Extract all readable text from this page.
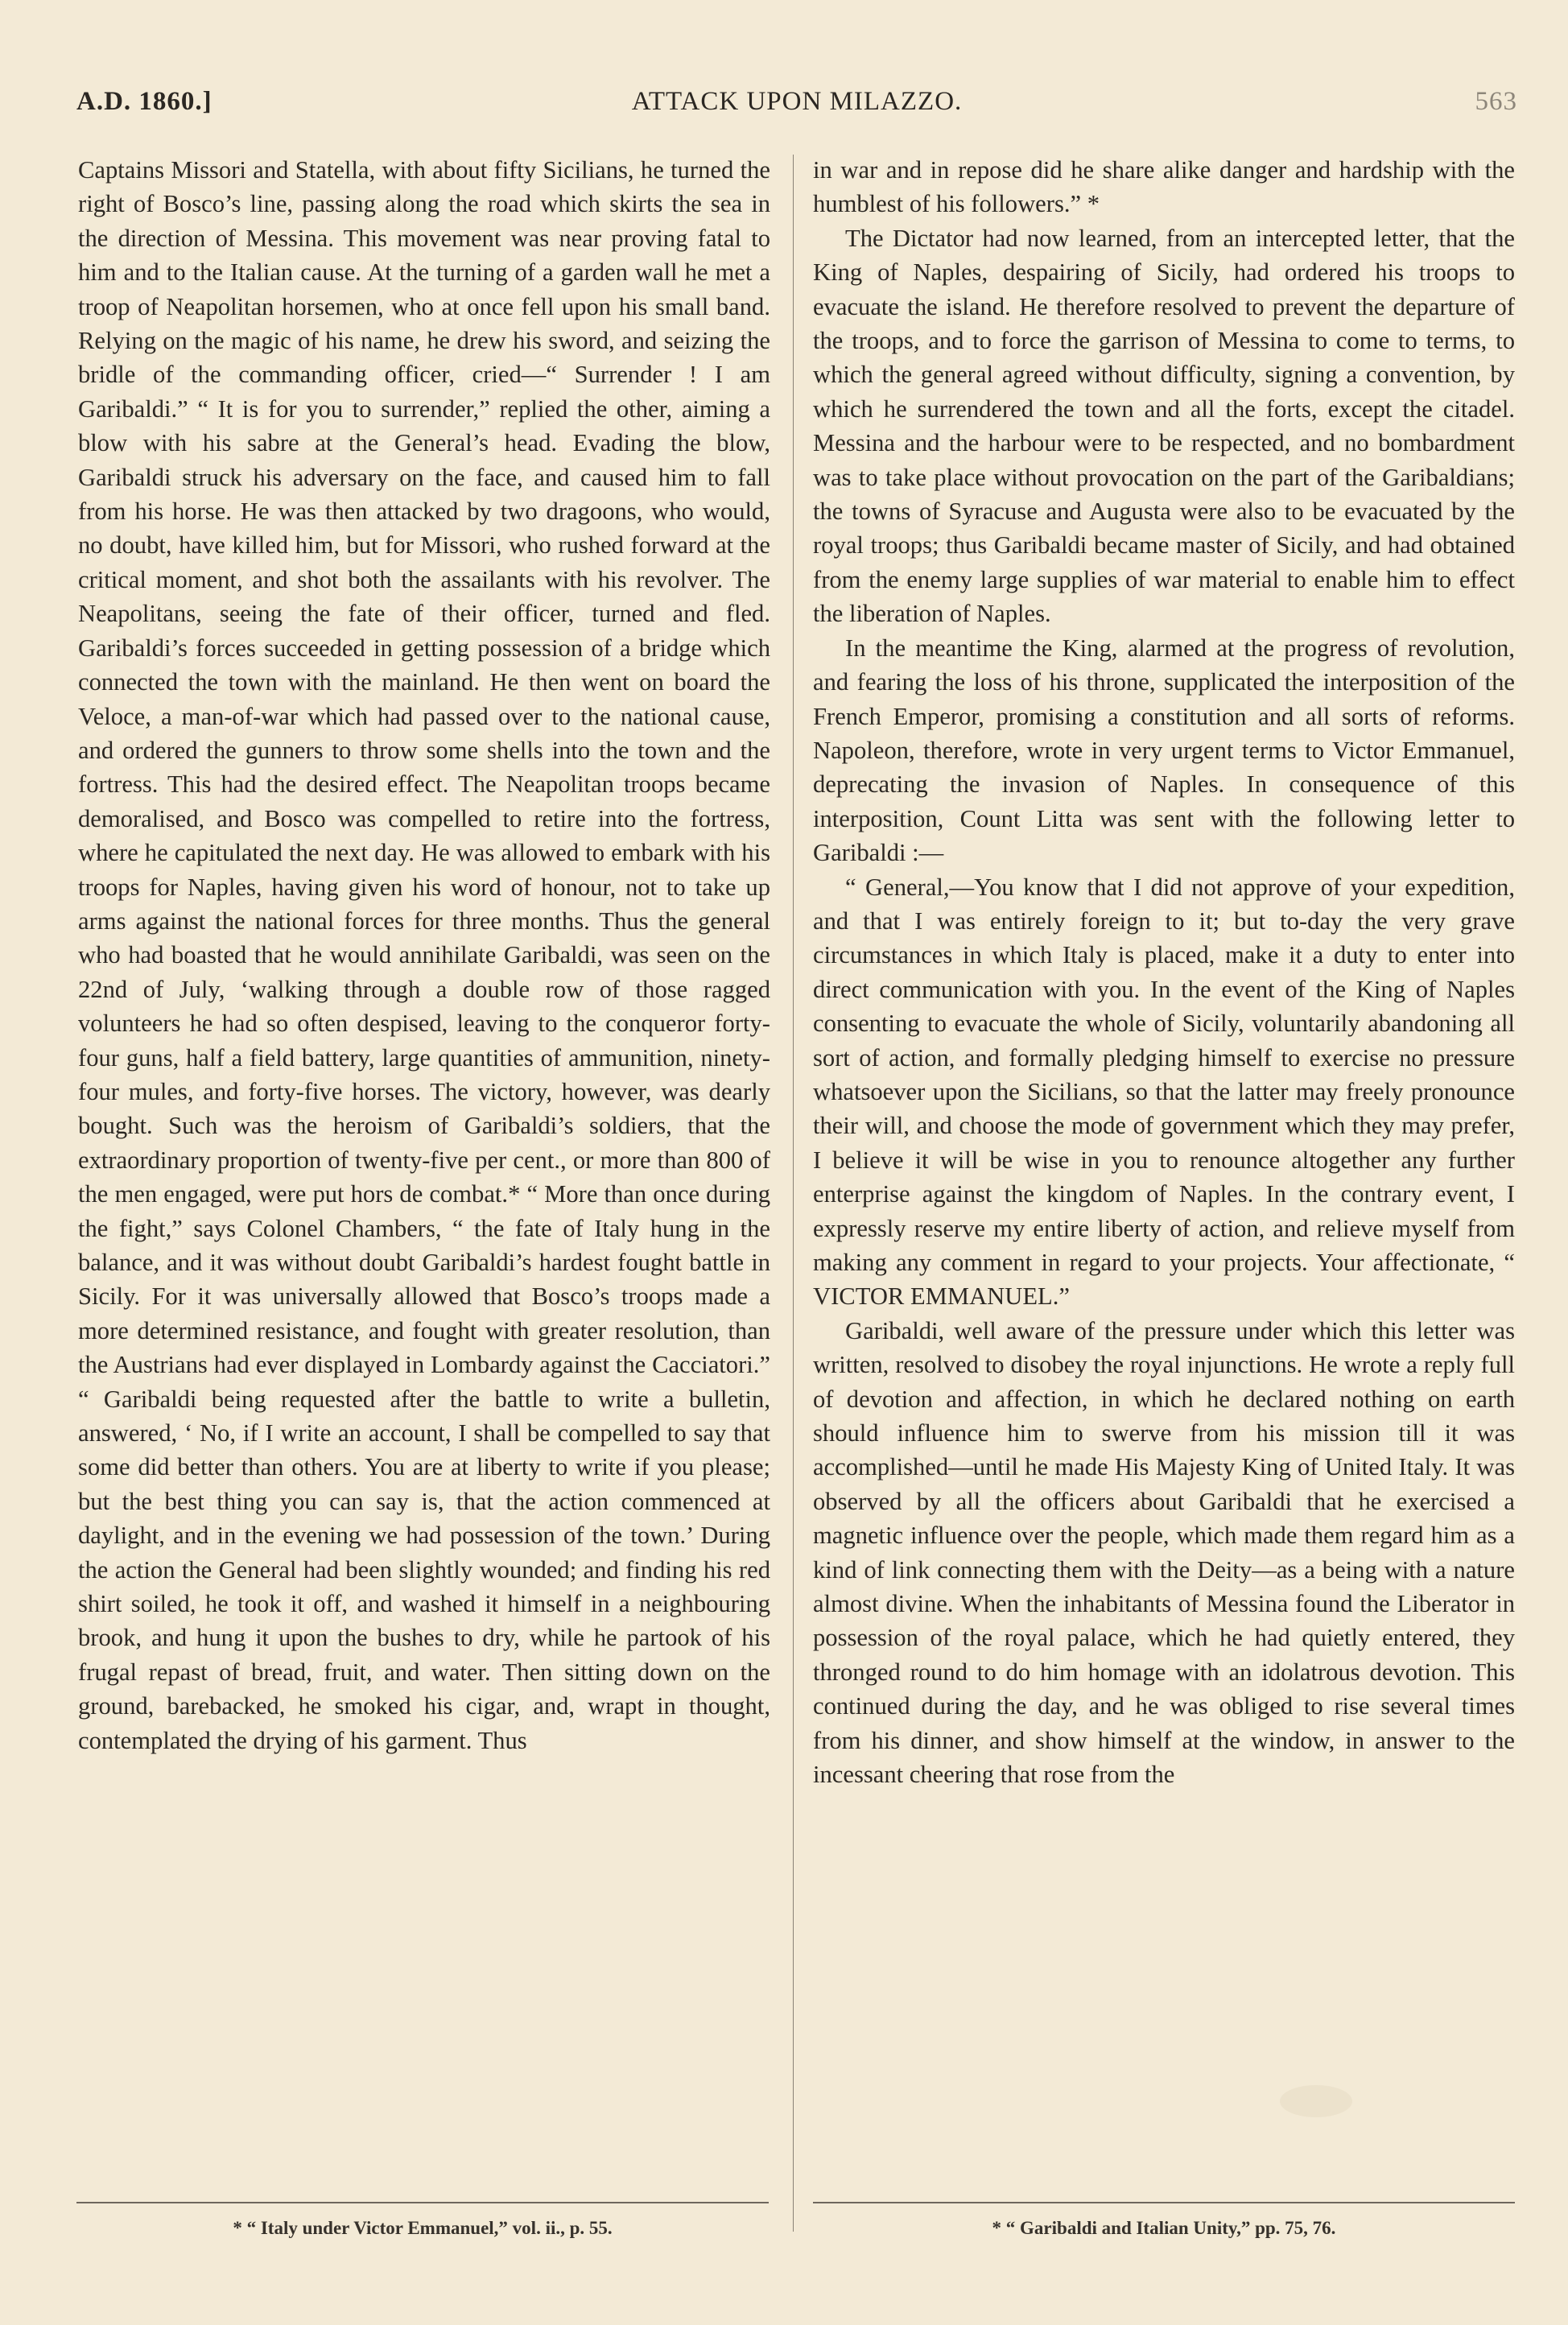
A.D. 1860.]	ATTACK UPON MILAZZO.	563

Captains Missori and Statella, with about fifty Sicilians, he turned the right of Bosco’s line, passing along the road which skirts the sea in the direction of Messina. This movement was near proving fatal to him and to the Italian cause. At the turning of a garden wall he met a troop of Neapolitan horsemen, who at once fell upon his small band. Relying on the magic of his name, he drew his sword, and seizing the bridle of the commanding officer, cried—“ Surrender ! I am Garibaldi.” “ It is for you to surrender,” replied the other, aiming a blow with his sabre at the General’s head. Evading the blow, Garibaldi struck his adversary on the face, and caused him to fall from his horse. He was then attacked by two dragoons, who would, no doubt, have killed him, but for Missori, who rushed forward at the critical moment, and shot both the assailants with his revolver. The Neapolitans, seeing the fate of their officer, turned and fled. Garibaldi’s forces succeeded in getting possession of a bridge which connected the town with the mainland. He then went on board the Veloce, a man-of-war which had passed over to the national cause, and ordered the gunners to throw some shells into the town and the fortress. This had the desired effect. The Neapolitan troops became demoralised, and Bosco was compelled to retire into the fortress, where he capitulated the next day. He was allowed to embark with his troops for Naples, having given his word of honour, not to take up arms against the national forces for three months. Thus the general who had boasted that he would annihilate Garibaldi, was seen on the 22nd of July, ‘walking through a double row of those ragged volunteers he had so often despised, leaving to the conqueror forty-four guns, half a field battery, large quantities of ammunition, ninety-four mules, and forty-five horses. The victory, however, was dearly bought. Such was the heroism of Garibaldi’s soldiers, that the extraordinary proportion of twenty-five per cent., or more than 800 of the men engaged, were put hors de combat.* “ More than once during the fight,” says Colonel Chambers, “ the fate of Italy hung in the balance, and it was without doubt Garibaldi’s hardest fought battle in Sicily. For it was universally allowed that Bosco’s troops made a more determined resistance, and fought with greater resolution, than the Austrians had ever displayed in Lombardy against the Cacciatori.” “ Garibaldi being requested after the battle to write a bulletin, answered, ‘ No, if I write an account, I shall be compelled to say that some did better than others. You are at liberty to write if you please; but the best thing you can say is, that the action commenced at daylight, and in the evening we had possession of the town.’ During the action the General had been slightly wounded; and finding his red shirt soiled, he took it off, and washed it himself in a neighbouring brook, and hung it upon the bushes to dry, while he partook of his frugal repast of bread, fruit, and water. Then sitting down on the ground, barebacked, he smoked his cigar, and, wrapt in thought, contemplated the drying of his garment. Thus

in war and in repose did he share alike danger and hardship with the humblest of his followers.” *

The Dictator had now learned, from an intercepted letter, that the King of Naples, despairing of Sicily, had ordered his troops to evacuate the island. He therefore resolved to prevent the departure of the troops, and to force the garrison of Messina to come to terms, to which the general agreed without difficulty, signing a convention, by which he surrendered the town and all the forts, except the citadel. Messina and the harbour were to be respected, and no bombardment was to take place without provocation on the part of the Garibaldians; the towns of Syracuse and Augusta were also to be evacuated by the royal troops; thus Garibaldi became master of Sicily, and had obtained from the enemy large supplies of war material to enable him to effect the liberation of Naples.

In the meantime the King, alarmed at the progress of revolution, and fearing the loss of his throne, supplicated the interposition of the French Emperor, promising a constitution and all sorts of reforms. Napoleon, therefore, wrote in very urgent terms to Victor Emmanuel, deprecating the invasion of Naples. In consequence of this interposition, Count Litta was sent with the following letter to Garibaldi :—

“ General,—You know that I did not approve of your expedition, and that I was entirely foreign to it; but to-day the very grave circumstances in which Italy is placed, make it a duty to enter into direct communication with you. In the event of the King of Naples consenting to evacuate the whole of Sicily, voluntarily abandoning all sort of action, and formally pledging himself to exercise no pressure whatsoever upon the Sicilians, so that the latter may freely pronounce their will, and choose the mode of government which they may prefer, I believe it will be wise in you to renounce altogether any further enterprise against the kingdom of Naples. In the contrary event, I expressly reserve my entire liberty of action, and relieve myself from making any comment in regard to your projects. Your affectionate, “ VICTOR EMMANUEL.”

Garibaldi, well aware of the pressure under which this letter was written, resolved to disobey the royal injunctions. He wrote a reply full of devotion and affection, in which he declared nothing on earth should influence him to swerve from his mission till it was accomplished—until he made His Majesty King of United Italy. It was observed by all the officers about Garibaldi that he exercised a magnetic influence over the people, which made them regard him as a kind of link connecting them with the Deity—as a being with a nature almost divine. When the inhabitants of Messina found the Liberator in possession of the royal palace, which he had quietly entered, they thronged round to do him homage with an idolatrous devotion. This continued during the day, and he was obliged to rise several times from his dinner, and show himself at the window, in answer to the incessant cheering that rose from the

* “ Italy under Victor Emmanuel,” vol. ii., p. 55.	* “ Garibaldi and Italian Unity,” pp. 75, 76.
